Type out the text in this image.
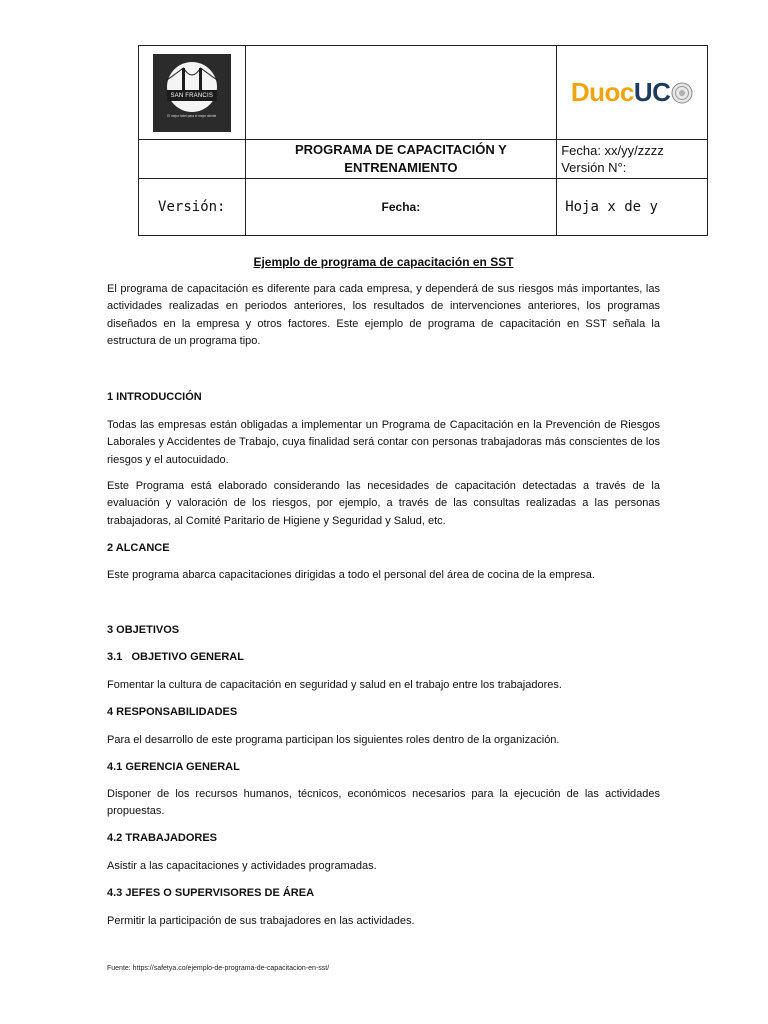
SAN FRANCIS
El mejor hotel para el mejor cliente		DuocUC

	PROGRAMA DE CAPACITACIÓN Y ENTRENAMIENTO	Fecha: xx/yy/zzzz
Versión N°:

Versión:	Fecha:	Hoja x de y
Ejemplo de programa de capacitación en SST

El programa de capacitación es diferente para cada empresa, y dependerá de sus riesgos más importantes, las actividades realizadas en periodos anteriores, los resultados de intervenciones anteriores, los programas diseñados en la empresa y otros factores. Este ejemplo de programa de capacitación en SST señala la estructura de un programa tipo.

1 INTRODUCCIÓN

Todas las empresas están obligadas a implementar un Programa de Capacitación en la Prevención de Riesgos Laborales y Accidentes de Trabajo, cuya finalidad será contar con personas trabajadoras más conscientes de los riesgos y el autocuidado.

Este Programa está elaborado considerando las necesidades de capacitación detectadas a través de la evaluación y valoración de los riesgos, por ejemplo, a través de las consultas realizadas a las personas trabajadoras, al Comité Paritario de Higiene y Seguridad y Salud, etc.

2 ALCANCE

Este programa abarca capacitaciones dirigidas a todo el personal del área de cocina de la empresa.

3 OBJETIVOS

3.1   OBJETIVO GENERAL

Fomentar la cultura de capacitación en seguridad y salud en el trabajo entre los trabajadores.

4 RESPONSABILIDADES

Para el desarrollo de este programa participan los siguientes roles dentro de la organización.

4.1 GERENCIA GENERAL

Disponer de los recursos humanos, técnicos, económicos necesarios para la ejecución de las actividades propuestas.

4.2 TRABAJADORES

Asistir a las capacitaciones y actividades programadas.

4.3 JEFES O SUPERVISORES DE ÁREA

Permitir la participación de sus trabajadores en las actividades.

Fuente: https://safetya.co/ejemplo-de-programa-de-capacitacion-en-sst/
